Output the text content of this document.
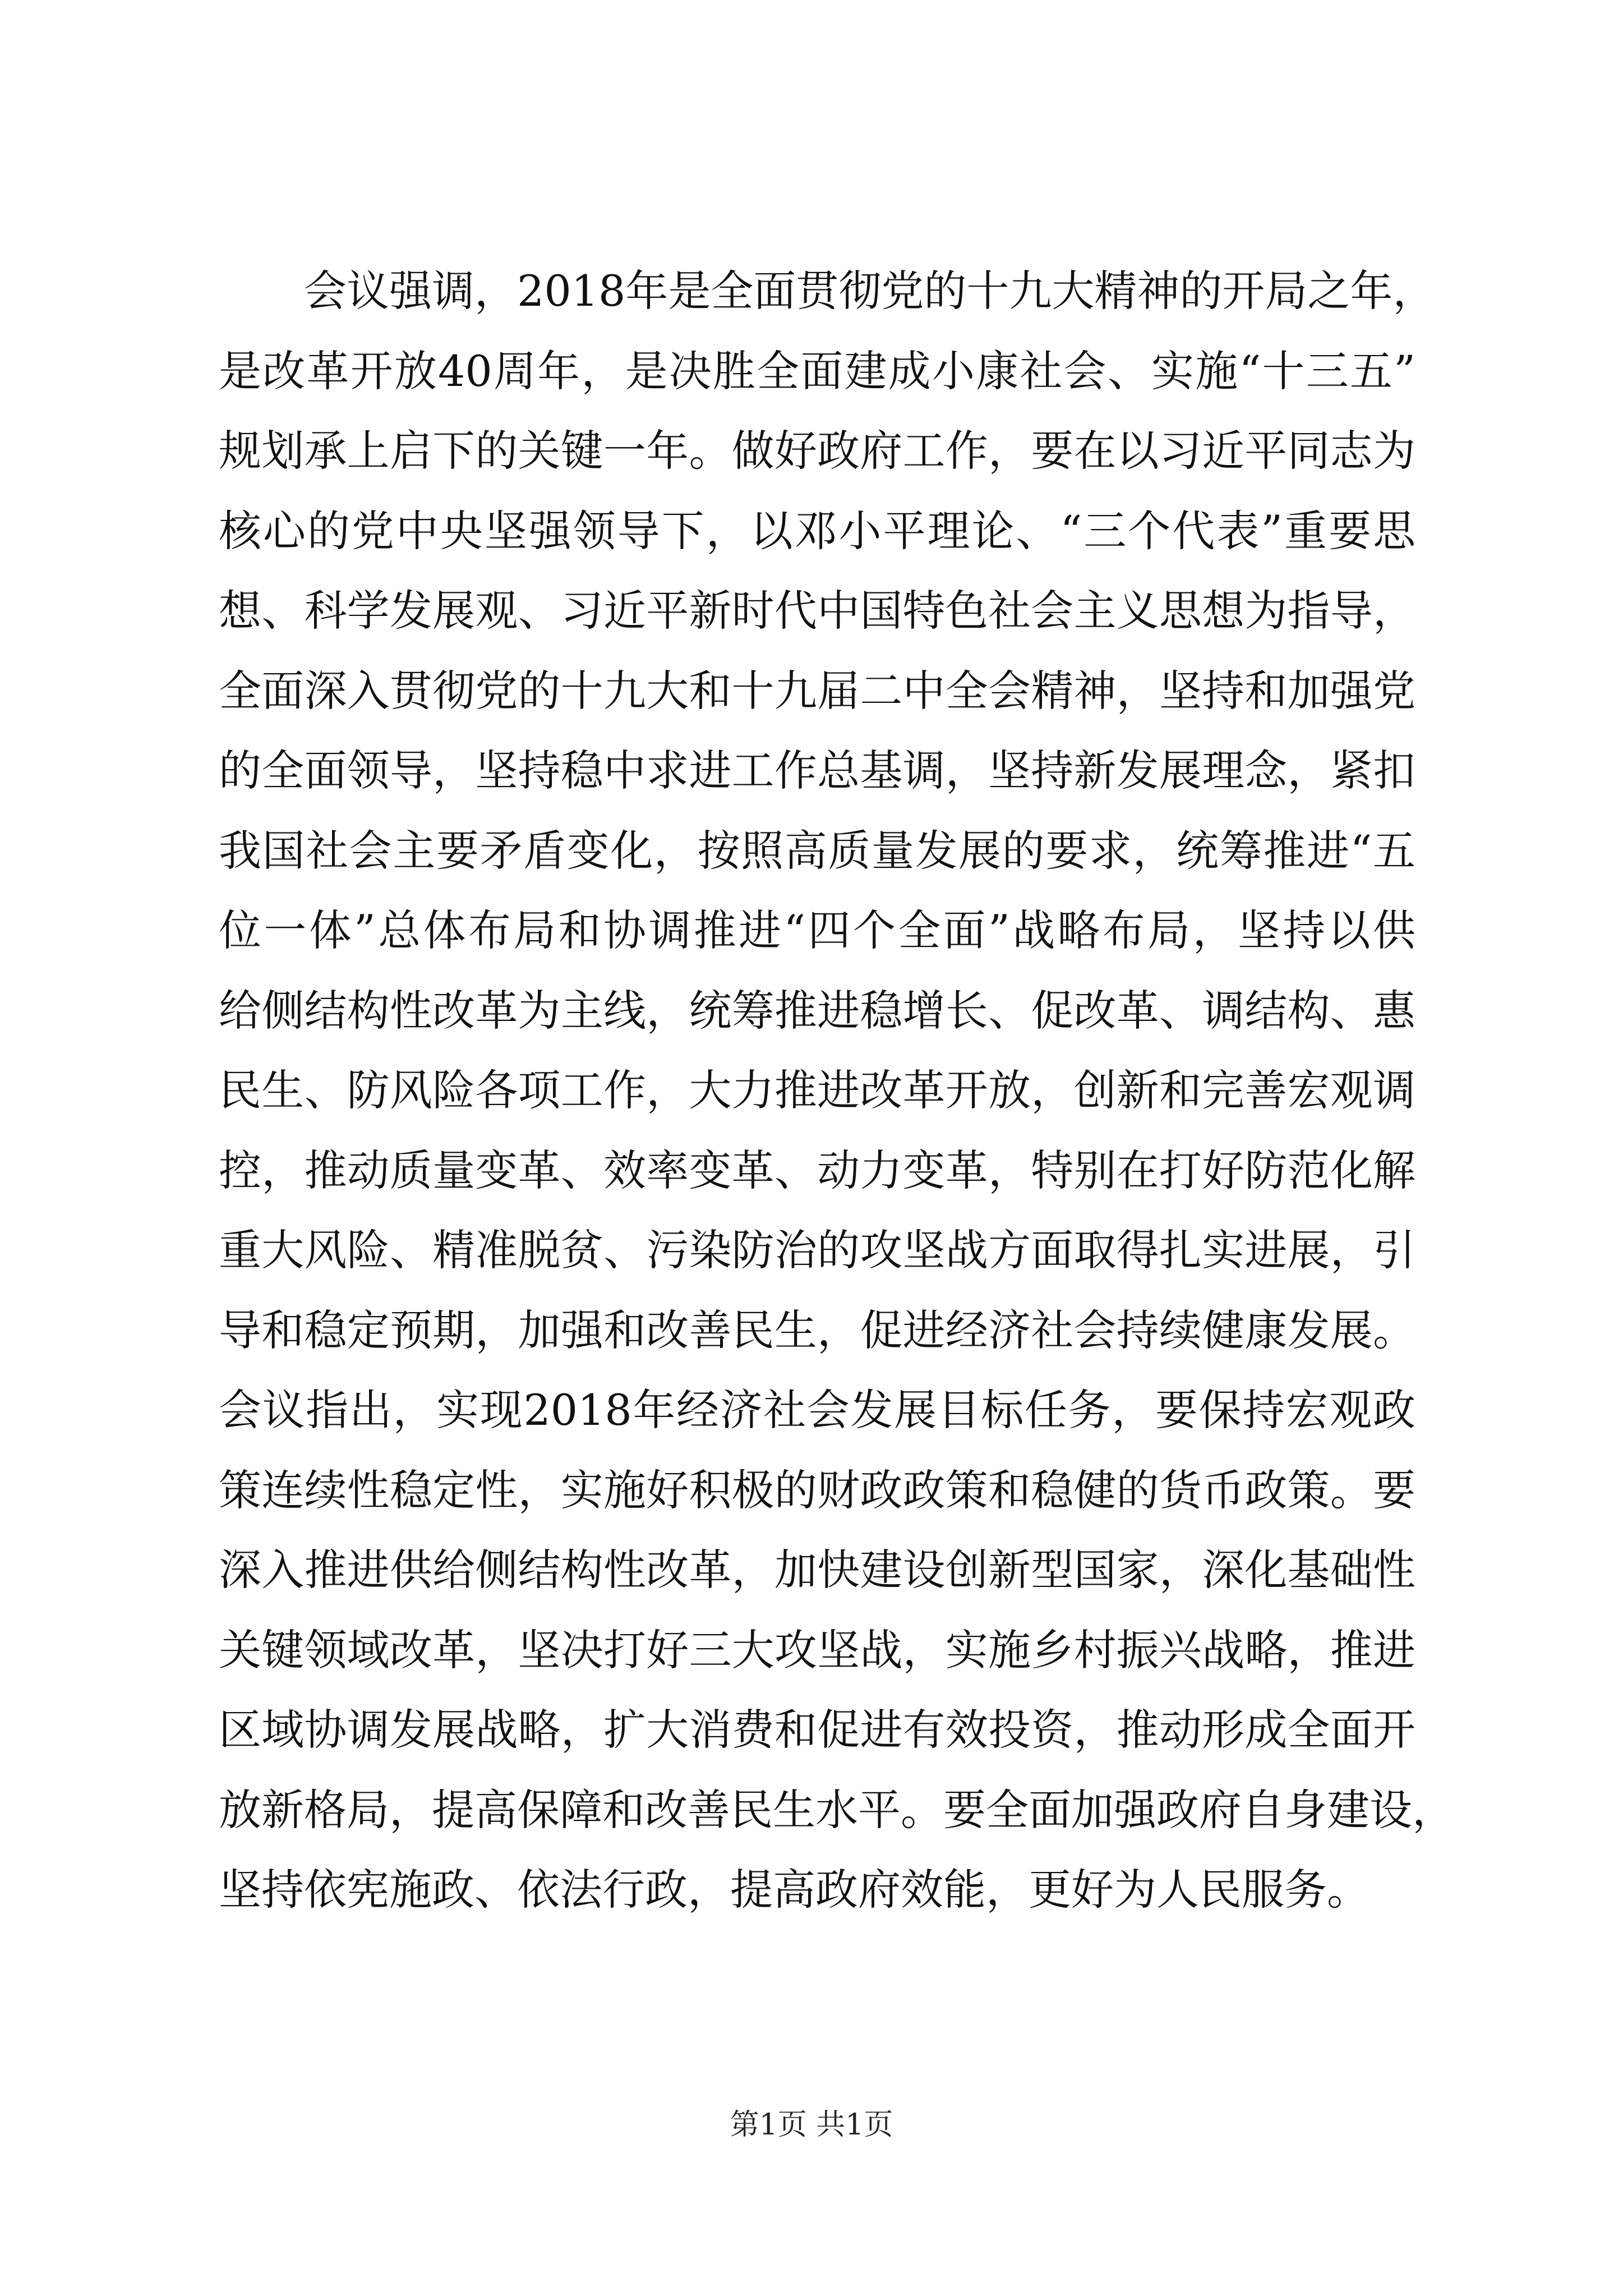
会议强调，2018年是全面贯彻党的十九大精神的开局之年，
是改革开放40周年，是决胜全面建成小康社会、实施“十三五”
规划承上启下的关键一年。做好政府工作，要在以习近平同志为
核心的党中央坚强领导下，以邓小平理论、“三个代表”重要思
想、科学发展观、习近平新时代中国特色社会主义思想为指导，
全面深入贯彻党的十九大和十九届二中全会精神，坚持和加强党
的全面领导，坚持稳中求进工作总基调，坚持新发展理念，紧扣
我国社会主要矛盾变化，按照高质量发展的要求，统筹推进“五
位一体”总体布局和协调推进“四个全面”战略布局，坚持以供
给侧结构性改革为主线，统筹推进稳增长、促改革、调结构、惠
民生、防风险各项工作，大力推进改革开放，创新和完善宏观调
控，推动质量变革、效率变革、动力变革，特别在打好防范化解
重大风险、精准脱贫、污染防治的攻坚战方面取得扎实进展，引
导和稳定预期，加强和改善民生，促进经济社会持续健康发展。
会议指出，实现2018年经济社会发展目标任务，要保持宏观政
策连续性稳定性，实施好积极的财政政策和稳健的货币政策。要
深入推进供给侧结构性改革，加快建设创新型国家，深化基础性
关键领域改革，坚决打好三大攻坚战，实施乡村振兴战略，推进
区域协调发展战略，扩大消费和促进有效投资，推动形成全面开
放新格局，提高保障和改善民生水平。要全面加强政府自身建设，
坚持依宪施政、依法行政，提高政府效能，更好为人民服务。
第1页 共1页
